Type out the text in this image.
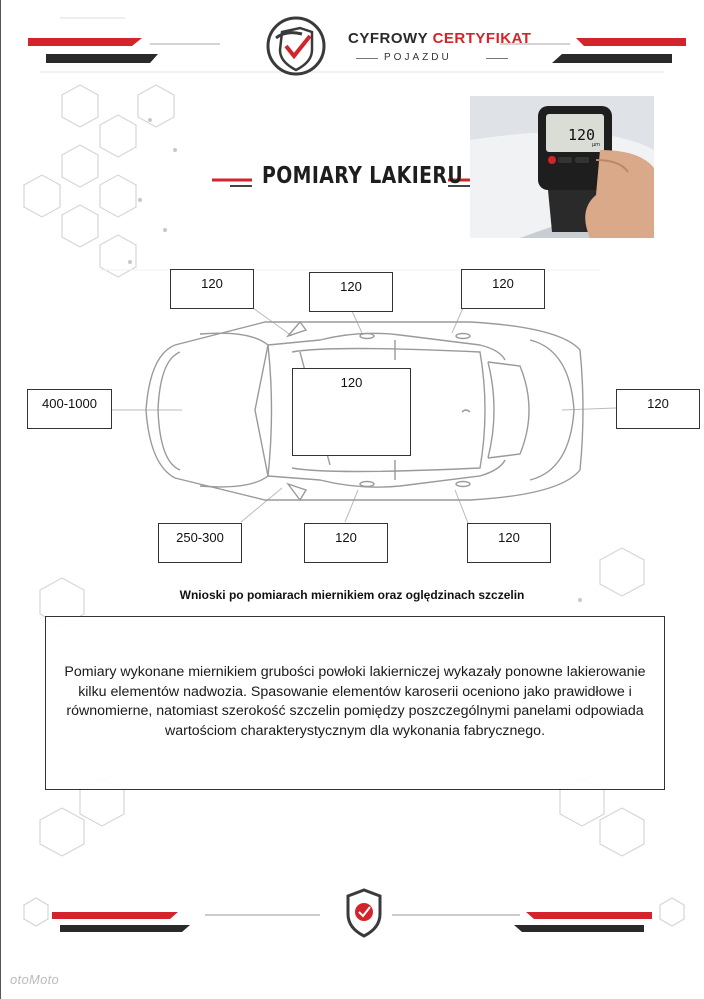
120
µm
CYFROWY CERTYFIKAT
POJAZDU
POMIARY LAKIERU
120	120	120
400-1000
120
120
250-300	120	120
Wnioski po pomiarach miernikiem oraz oględzinach szczelin
Pomiary wykonane miernikiem grubości powłoki lakierniczej wykazały ponowne lakierowanie kilku elementów nadwozia. Spasowanie elementów karoserii oceniono jako prawidłowe i równomierne, natomiast szerokość szczelin pomiędzy poszczególnymi panelami odpowiada wartościom charakterystycznym dla wykonania fabrycznego.
otoMoto
